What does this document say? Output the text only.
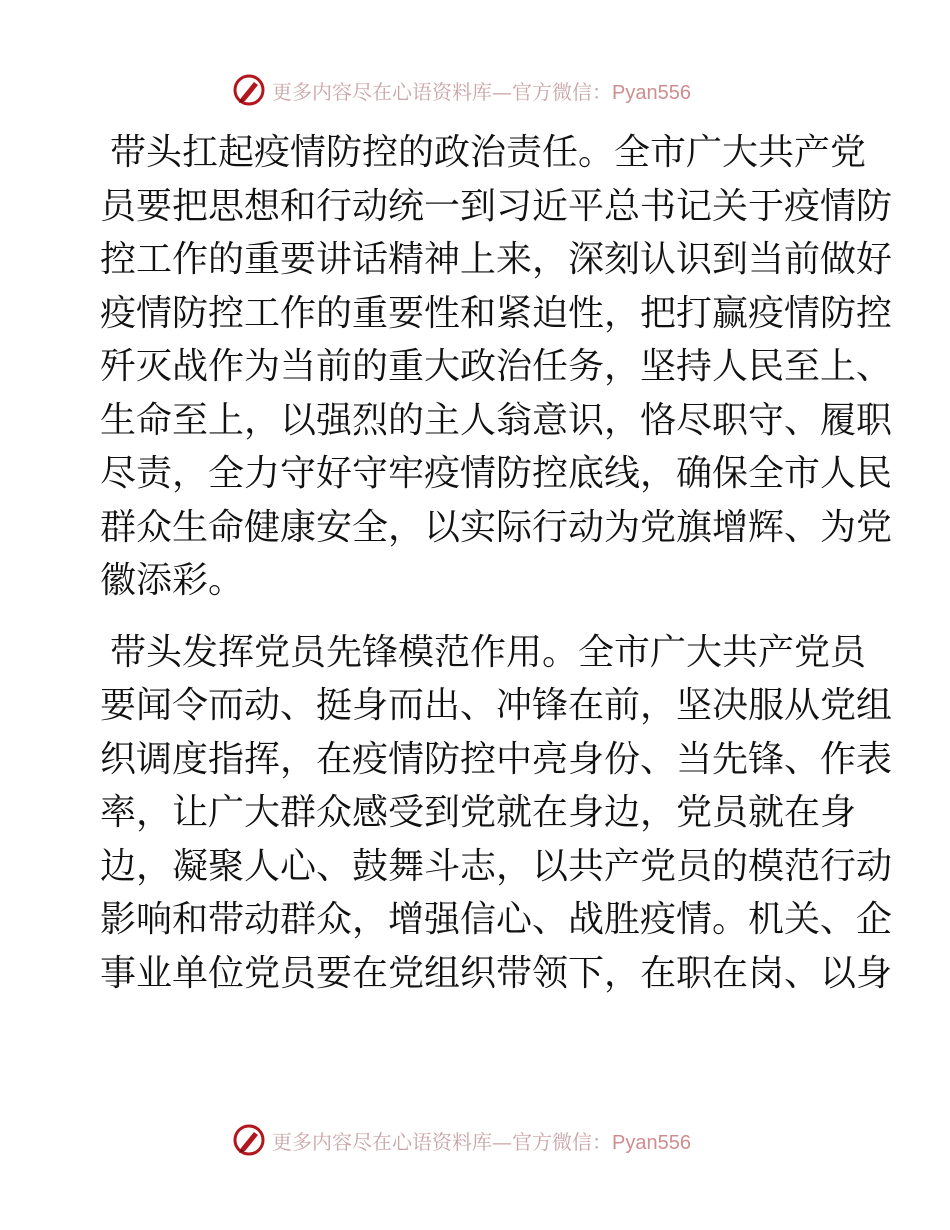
更多内容尽在心语资料库—官方微信：Pyan556

带头扛起疫情防控的政治责任。全市广大共产党
员要把思想和行动统一到习近平总书记关于疫情防
控工作的重要讲话精神上来，深刻认识到当前做好
疫情防控工作的重要性和紧迫性，把打赢疫情防控
歼灭战作为当前的重大政治任务，坚持人民至上、
生命至上，以强烈的主人翁意识，恪尽职守、履职
尽责，全力守好守牢疫情防控底线，确保全市人民
群众生命健康安全，以实际行动为党旗增辉、为党
徽添彩。

带头发挥党员先锋模范作用。全市广大共产党员
要闻令而动、挺身而出、冲锋在前，坚决服从党组
织调度指挥，在疫情防控中亮身份、当先锋、作表
率，让广大群众感受到党就在身边，党员就在身
边，凝聚人心、鼓舞斗志，以共产党员的模范行动
影响和带动群众，增强信心、战胜疫情。机关、企
事业单位党员要在党组织带领下，在职在岗、以身

更多内容尽在心语资料库—官方微信：Pyan556
